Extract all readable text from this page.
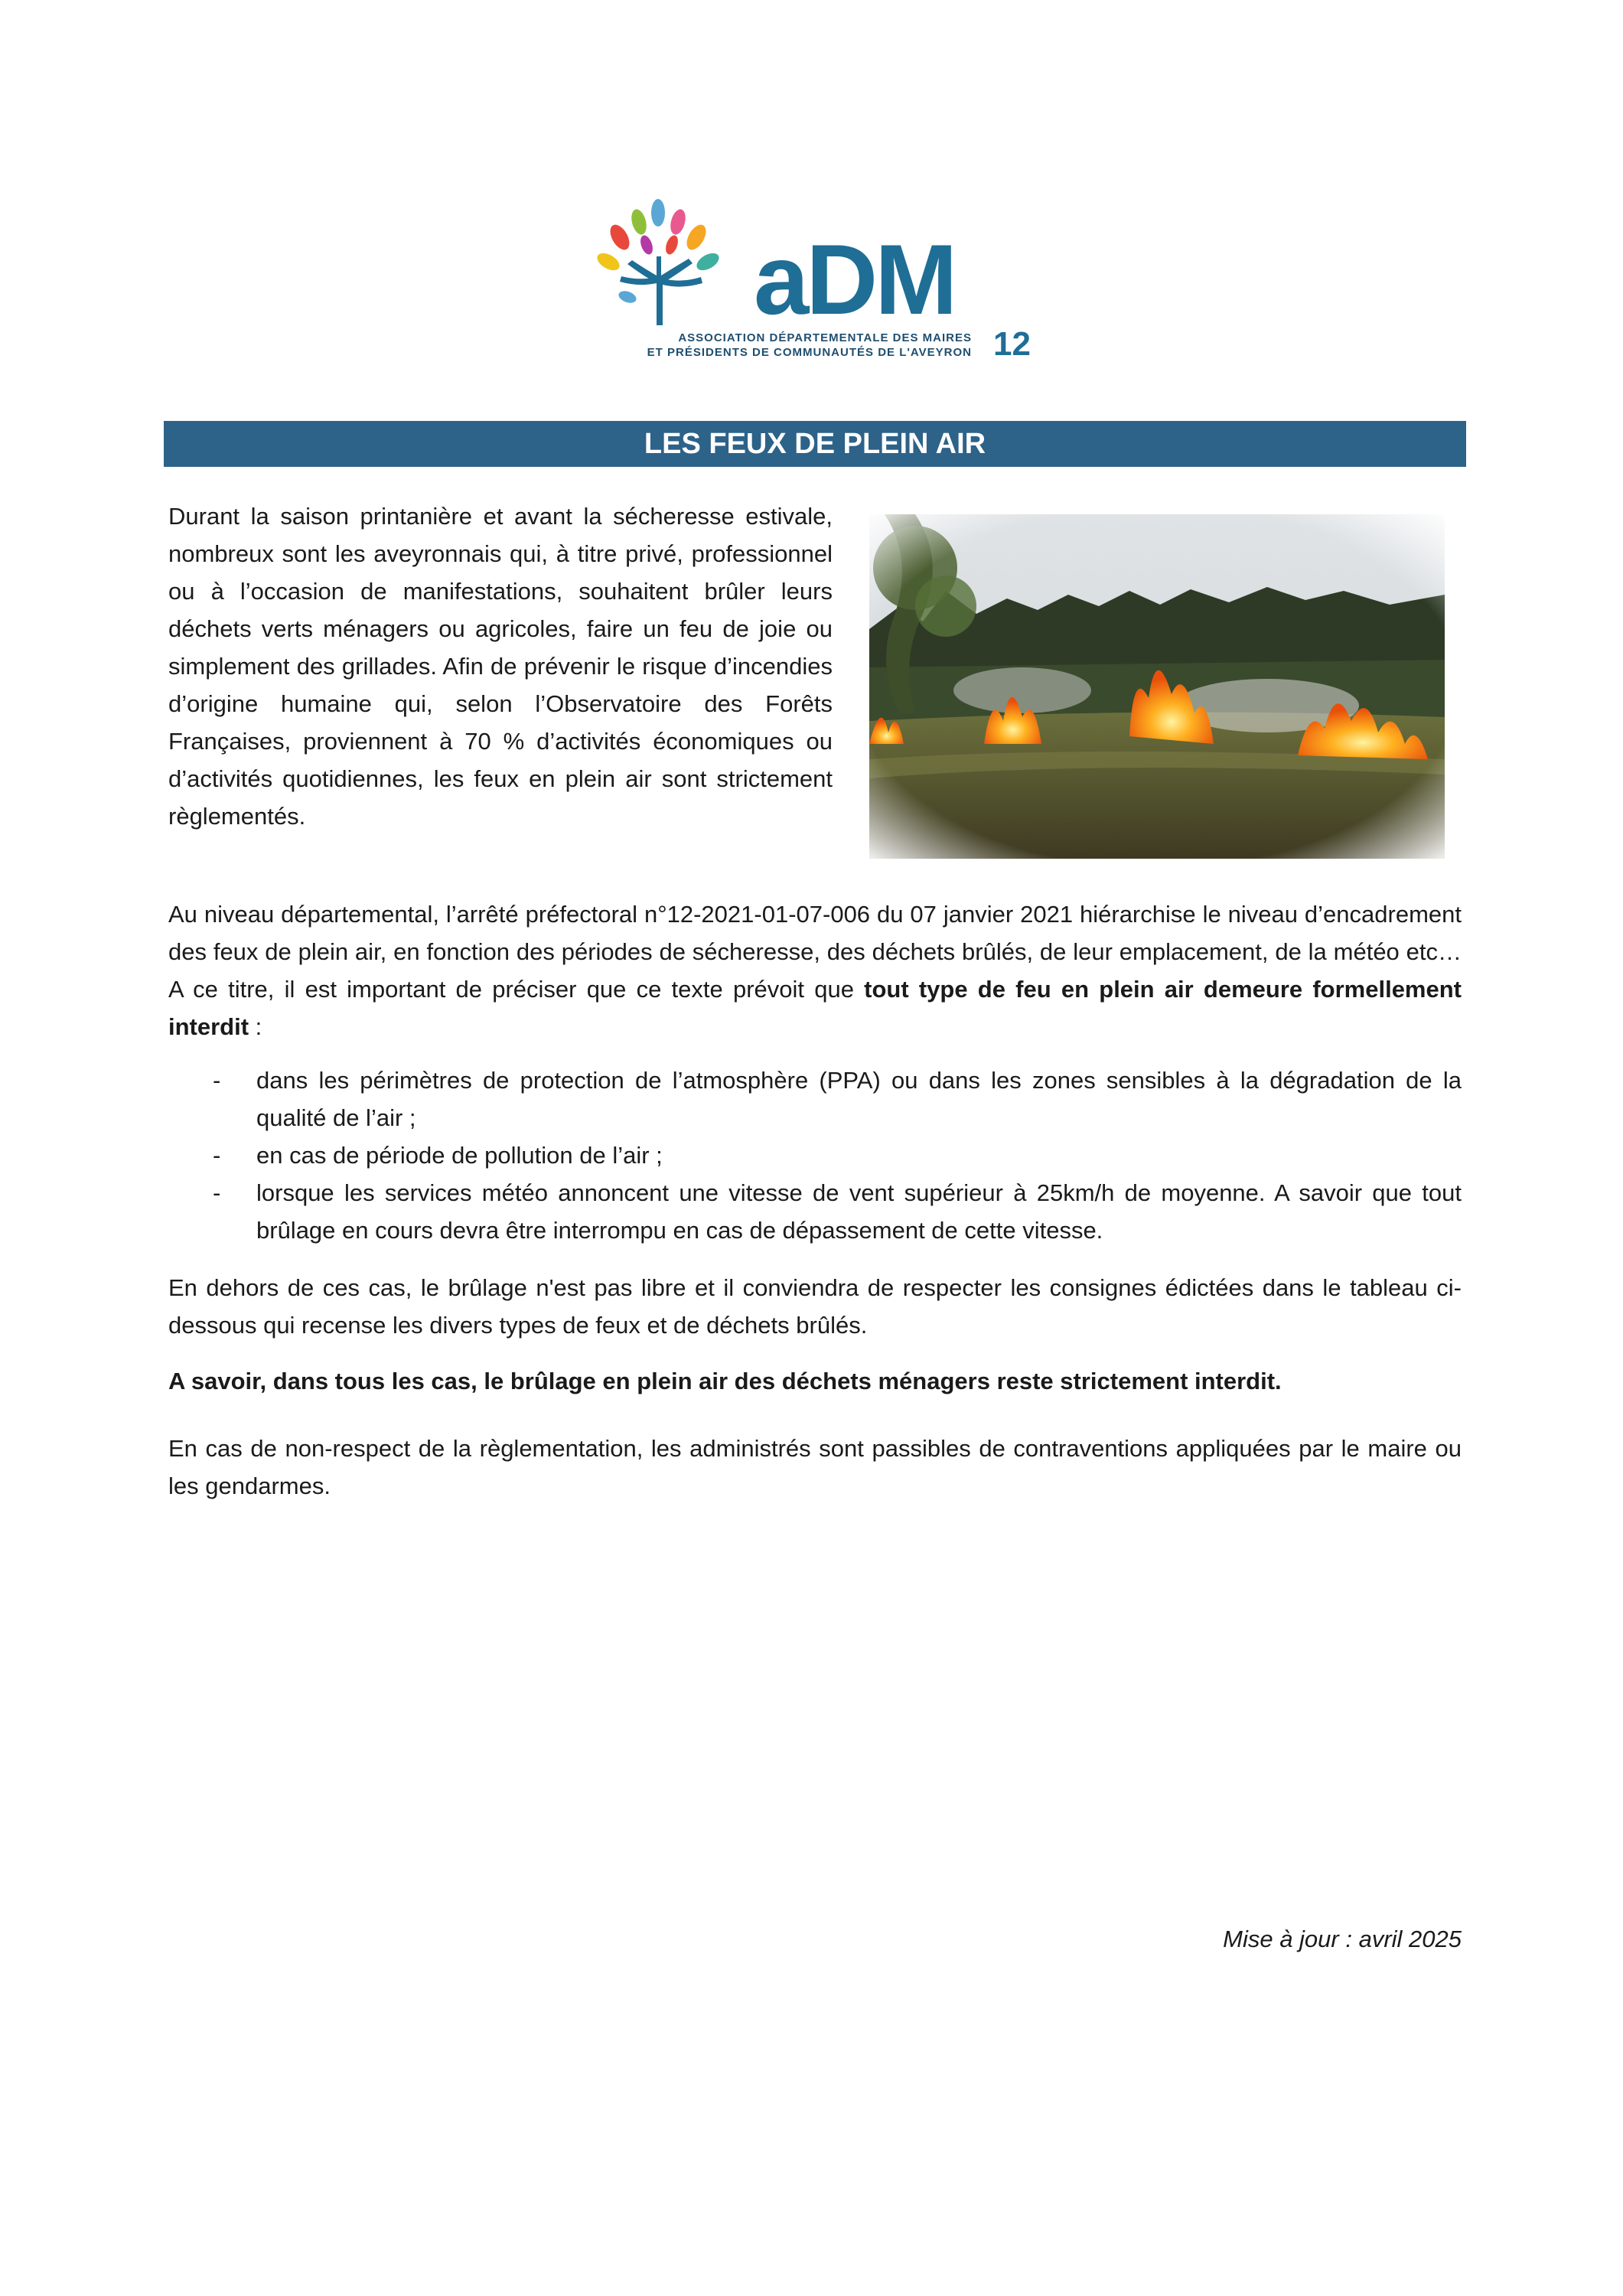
aDM
ASSOCIATION DÉPARTEMENTALE DES MAIRES
ET PRÉSIDENTS DE COMMUNAUTÉS DE L'AVEYRON 12
LES FEUX DE PLEIN AIR

Durant la saison printanière et avant la sécheresse estivale, nombreux sont les aveyronnais qui, à titre privé, professionnel ou à l’occasion de manifestations, souhaitent brûler leurs déchets verts ménagers ou agricoles, faire un feu de joie ou simplement des grillades. Afin de prévenir le risque d’incendies d’origine humaine qui, selon l’Observatoire des Forêts Françaises, proviennent à 70 % d’activités économiques ou d’activités quotidiennes, les feux en plein air sont strictement règlementés.

Au niveau départemental, l’arrêté préfectoral n°12-2021-01-07-006 du 07 janvier 2021 hiérarchise le niveau d’encadrement des feux de plein air, en fonction des périodes de sécheresse, des déchets brûlés, de leur emplacement, de la météo etc… A ce titre, il est important de préciser que ce texte prévoit que tout type de feu en plein air demeure formellement interdit :

- dans les périmètres de protection de l’atmosphère (PPA) ou dans les zones sensibles à la dégradation de la qualité de l’air ;
- en cas de période de pollution de l’air ;
- lorsque les services météo annoncent une vitesse de vent supérieur à 25km/h de moyenne. A savoir que tout brûlage en cours devra être interrompu en cas de dépassement de cette vitesse.

En dehors de ces cas, le brûlage n'est pas libre et il conviendra de respecter les consignes édictées dans le tableau ci-dessous qui recense les divers types de feux et de déchets brûlés.

A savoir, dans tous les cas, le brûlage en plein air des déchets ménagers reste strictement interdit.

En cas de non-respect de la règlementation, les administrés sont passibles de contraventions appliquées par le maire ou les gendarmes.

Mise à jour : avril 2025
